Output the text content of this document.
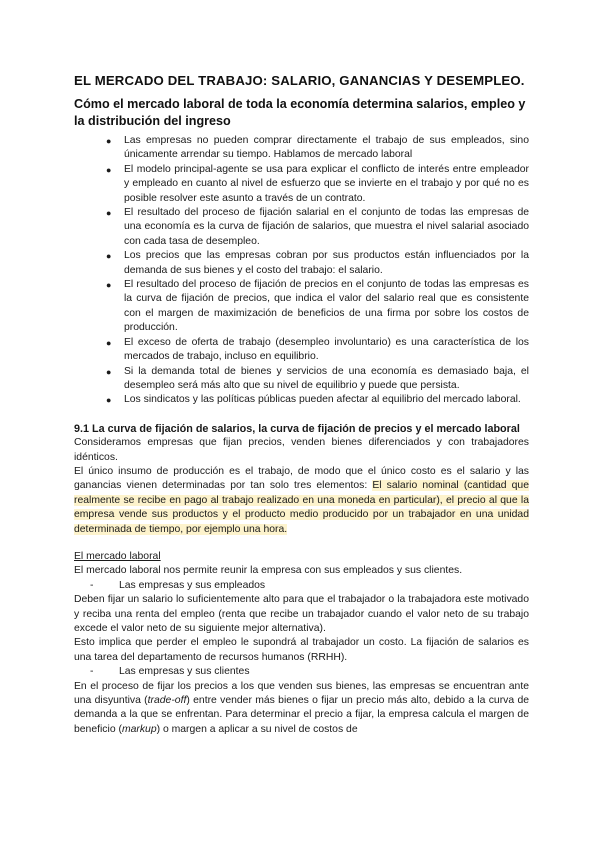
EL MERCADO DEL TRABAJO: SALARIO, GANANCIAS Y DESEMPLEO.
Cómo el mercado laboral de toda la economía determina salarios, empleo y la distribución del ingreso
● Las empresas no pueden comprar directamente el trabajo de sus empleados, sino únicamente arrendar su tiempo. Hablamos de mercado laboral
● El modelo principal-agente se usa para explicar el conflicto de interés entre empleador y empleado en cuanto al nivel de esfuerzo que se invierte en el trabajo y por qué no es posible resolver este asunto a través de un contrato.
● El resultado del proceso de fijación salarial en el conjunto de todas las empresas de una economía es la curva de fijación de salarios, que muestra el nivel salarial asociado con cada tasa de desempleo.
● Los precios que las empresas cobran por sus productos están influenciados por la demanda de sus bienes y el costo del trabajo: el salario.
● El resultado del proceso de fijación de precios en el conjunto de todas las empresas es la curva de fijación de precios, que indica el valor del salario real que es consistente con el margen de maximización de beneficios de una firma por sobre los costos de producción.
● El exceso de oferta de trabajo (desempleo involuntario) es una característica de los mercados de trabajo, incluso en equilibrio.
● Si la demanda total de bienes y servicios de una economía es demasiado baja, el desempleo será más alto que su nivel de equilibrio y puede que persista.
● Los sindicatos y las políticas públicas pueden afectar al equilibrio del mercado laboral.
9.1 La curva de fijación de salarios, la curva de fijación de precios y el mercado laboral

Consideramos empresas que fijan precios, venden bienes diferenciados y con trabajadores idénticos.

El único insumo de producción es el trabajo, de modo que el único costo es el salario y las ganancias vienen determinadas por tan solo tres elementos: El salario nominal (cantidad que realmente se recibe en pago al trabajo realizado en una moneda en particular), el precio al que la empresa vende sus productos y el producto medio producido por un trabajador en una unidad determinada de tiempo, por ejemplo una hora.

El mercado laboral

El mercado laboral nos permite reunir la empresa con sus empleados y sus clientes.

- Las empresas y sus empleados

Deben fijar un salario lo suficientemente alto para que el trabajador o la trabajadora este motivado y reciba una renta del empleo (renta que recibe un trabajador cuando el valor neto de su trabajo excede el valor neto de su siguiente mejor alternativa).

Esto implica que perder el empleo le supondrá al trabajador un costo. La fijación de salarios es una tarea del departamento de recursos humanos (RRHH).

- Las empresas y sus clientes

En el proceso de fijar los precios a los que venden sus bienes, las empresas se encuentran ante una disyuntiva (trade-off) entre vender más bienes o fijar un precio más alto, debido a la curva de demanda a la que se enfrentan. Para determinar el precio a fijar, la empresa calcula el margen de beneficio (markup) o margen a aplicar a su nivel de costos de
